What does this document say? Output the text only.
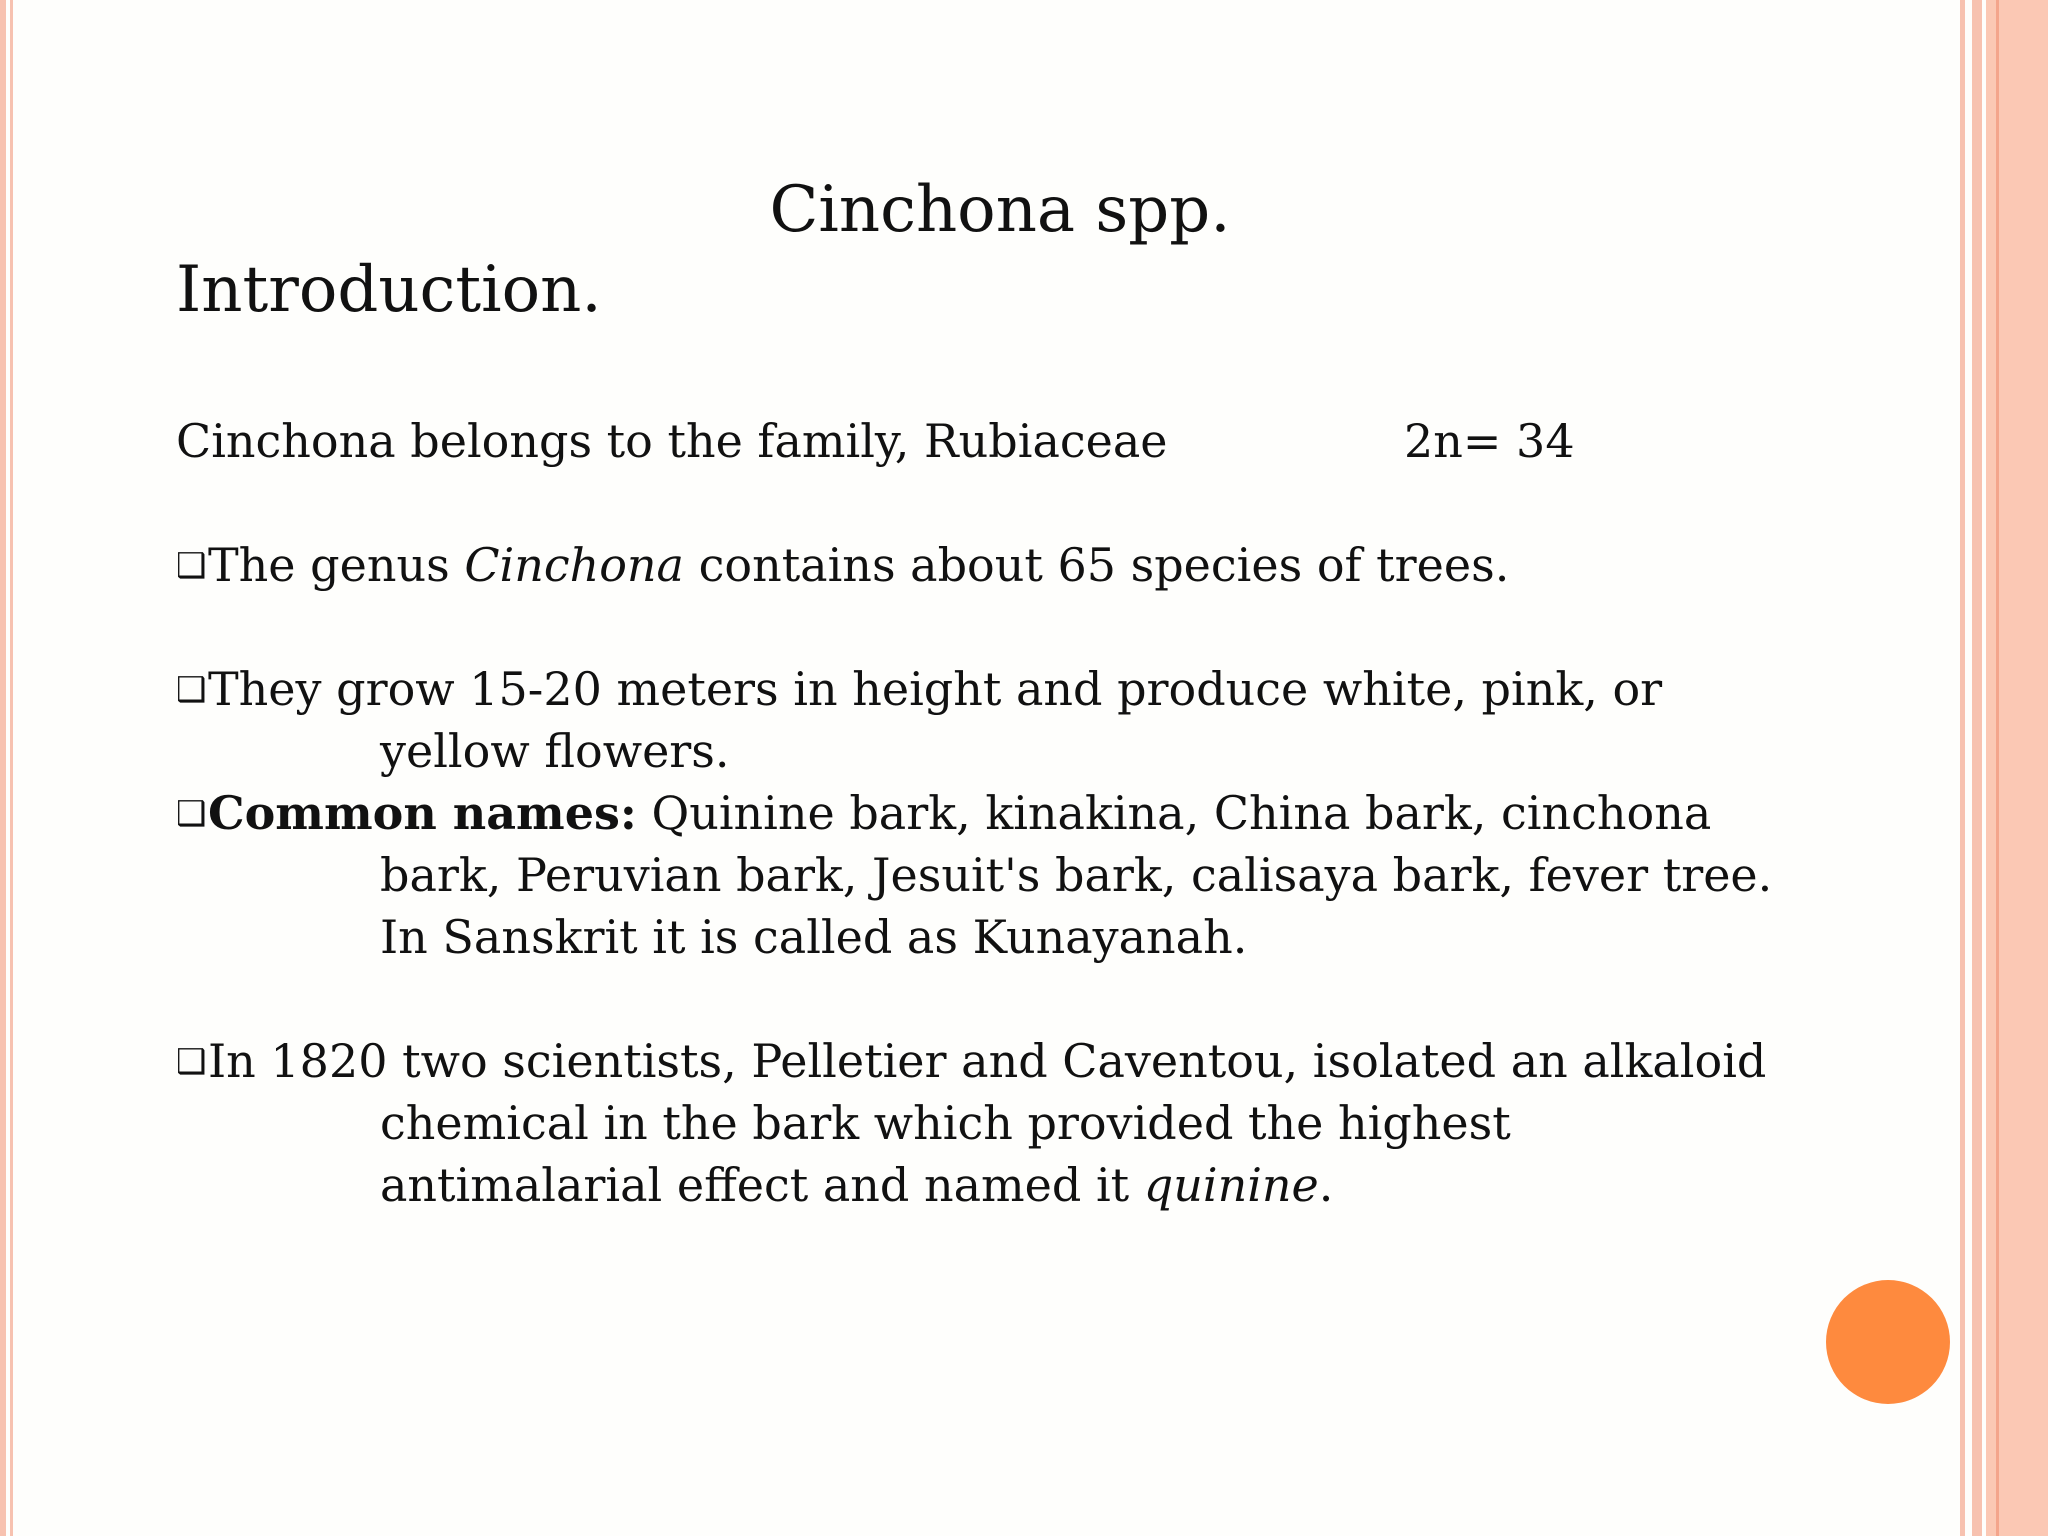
Cinchona spp.
Introduction.
Cinchona belongs to the family, Rubiaceae	2n= 34
❑The genus Cinchona contains about 65 species of trees.
❑They grow 15-20 meters in height and produce white, pink, or
yellow flowers.
❑Common names: Quinine bark, kinakina, China bark, cinchona
bark, Peruvian bark, Jesuit's bark, calisaya bark, fever tree.
In Sanskrit it is called as Kunayanah.
❑In 1820 two scientists, Pelletier and Caventou, isolated an alkaloid
chemical in the bark which provided the highest
antimalarial effect and named it quinine.
